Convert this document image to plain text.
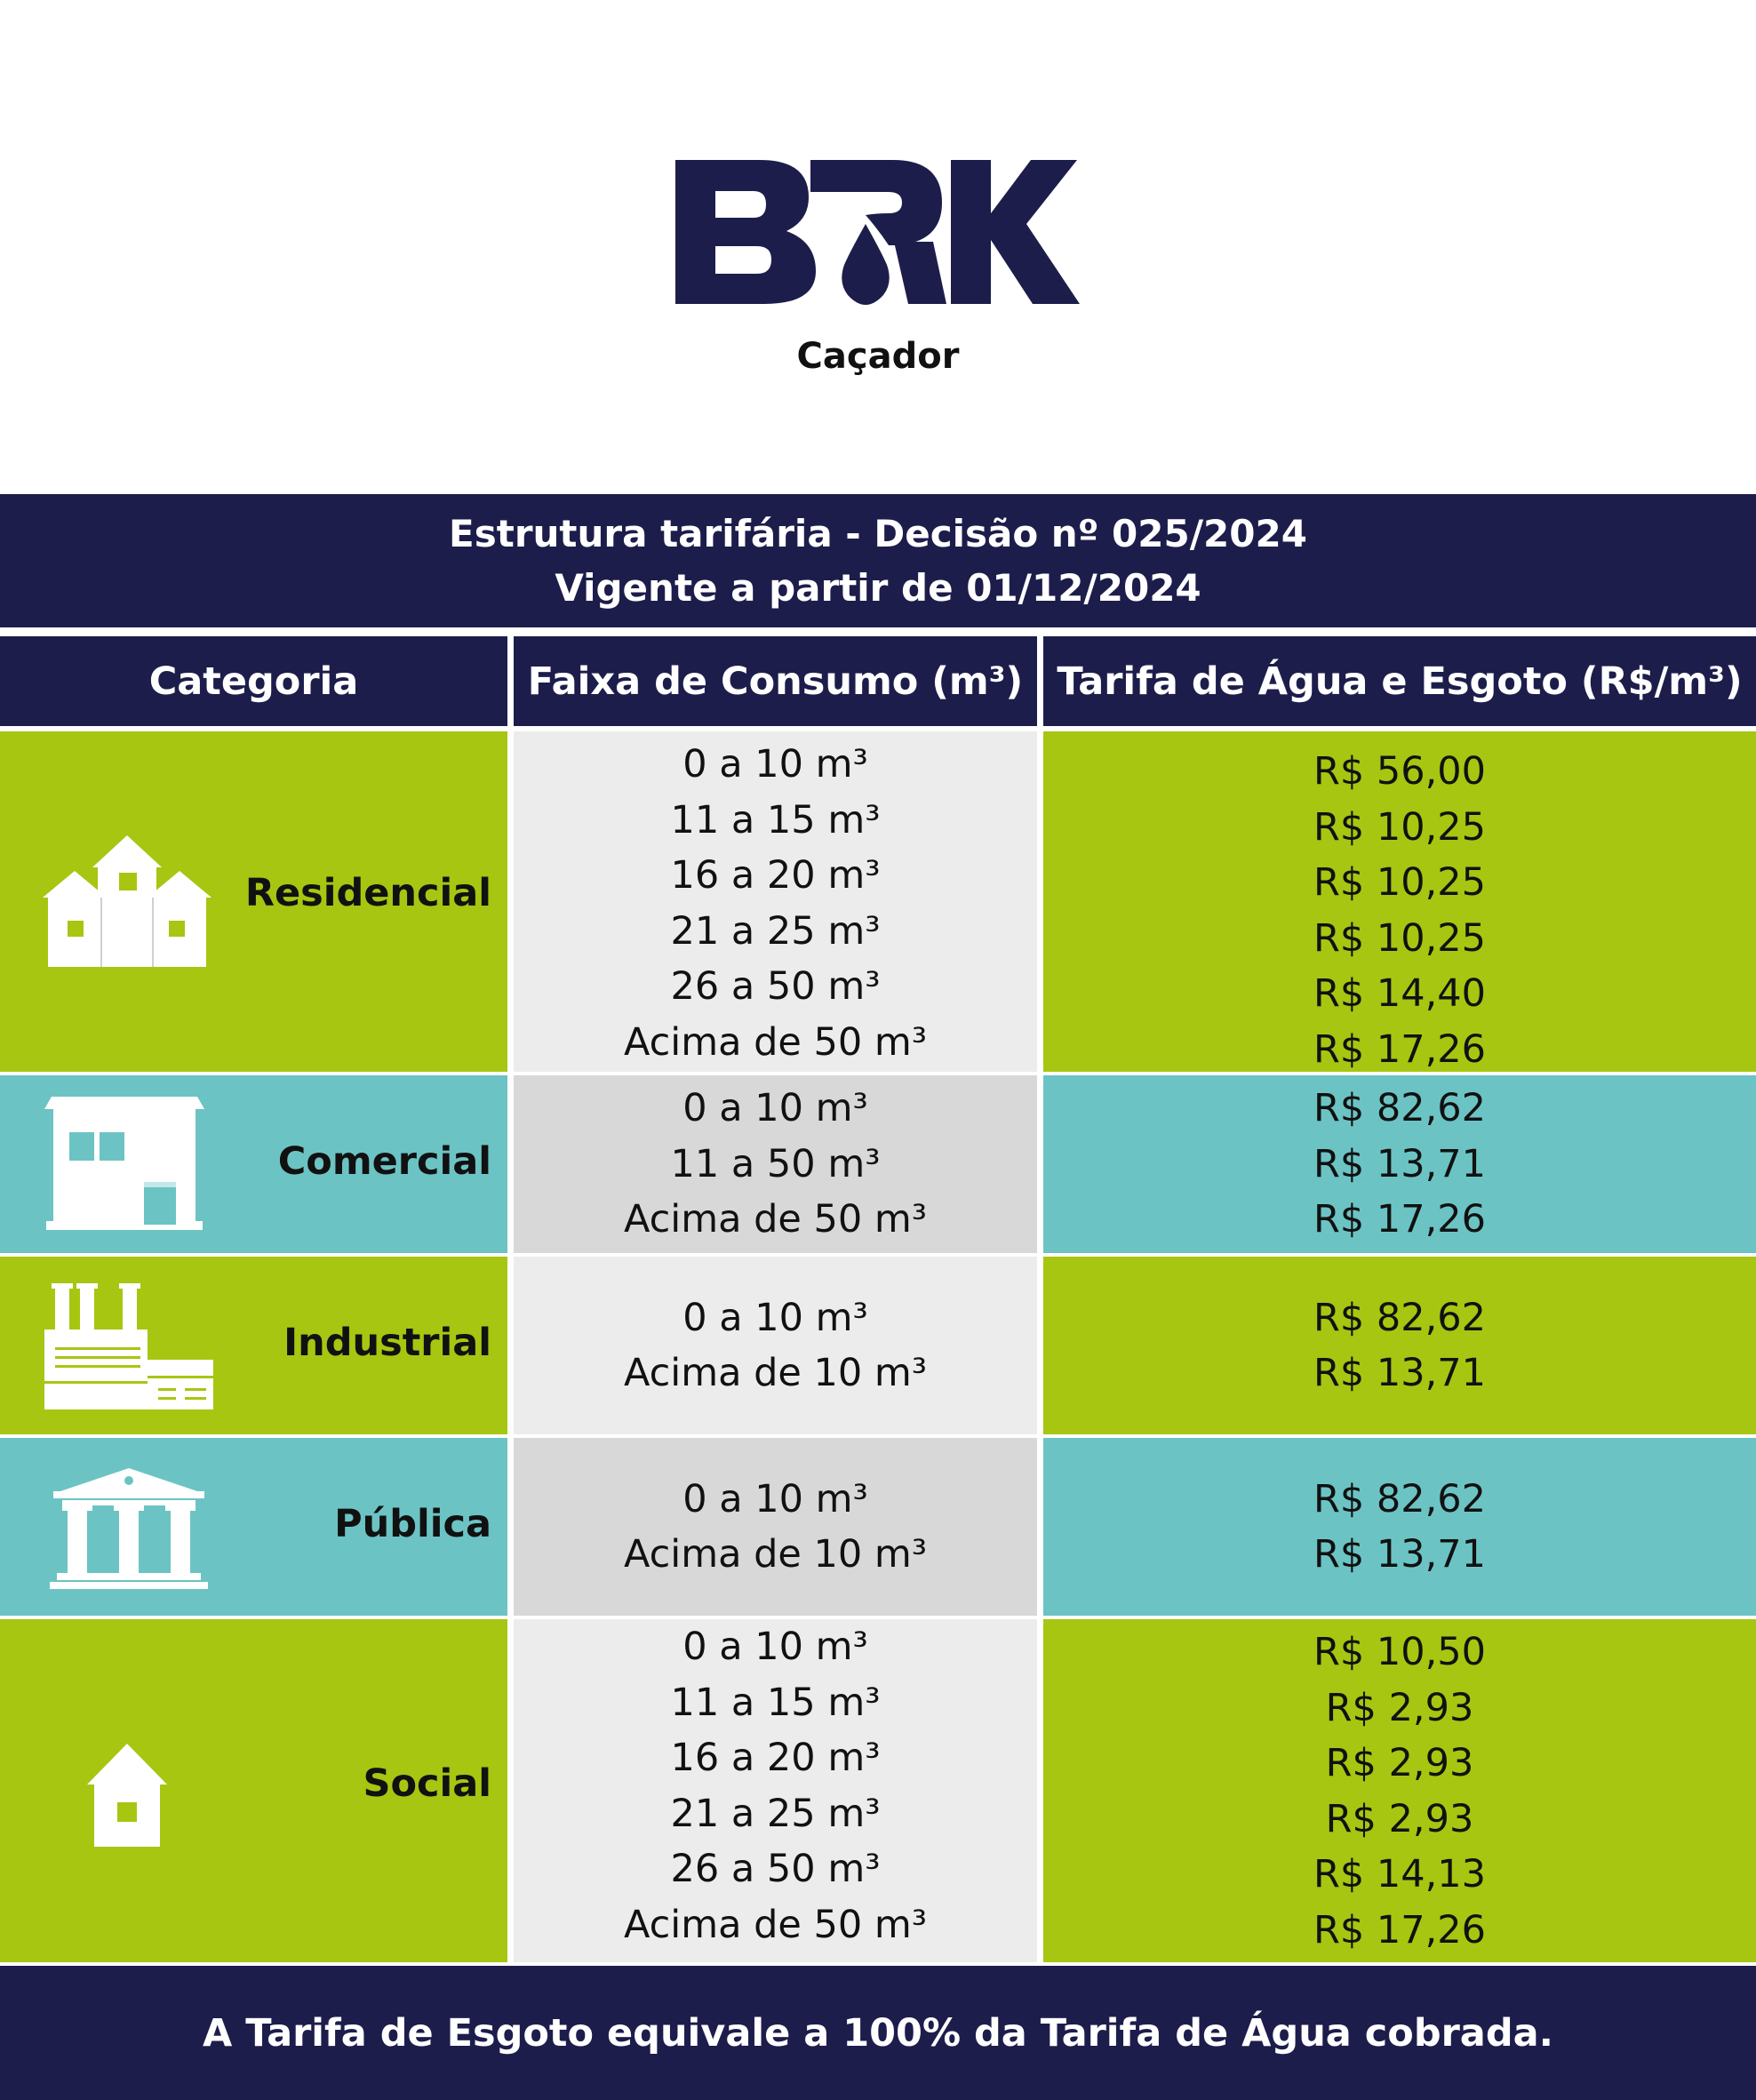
Caçador
Estrutura tarifária - Decisão nº 025/2024
Vigente a partir de 01/12/2024
Categoria	Faixa de Consumo (m³) Tarifa de Água e Esgoto (R$/m³)
Residencial
0 a 10 m³
11 a 15 m³
16 a 20 m³
21 a 25 m³
26 a 50 m³
Acima de 50 m³
R$ 56,00
R$ 10,25
R$ 10,25
R$ 10,25
R$ 14,40
R$ 17,26
Comercial
0 a 10 m³
11 a 50 m³
Acima de 50 m³
R$ 82,62
R$ 13,71
R$ 17,26
Industrial
0 a 10 m³
Acima de 10 m³
R$ 82,62
R$ 13,71
Pública
0 a 10 m³
Acima de 10 m³
R$ 82,62
R$ 13,71
Social
0 a 10 m³
11 a 15 m³
16 a 20 m³
21 a 25 m³
26 a 50 m³
Acima de 50 m³
R$ 10,50
R$ 2,93
R$ 2,93
R$ 2,93
R$ 14,13
R$ 17,26
A Tarifa de Esgoto equivale a 100% da Tarifa de Água cobrada.
